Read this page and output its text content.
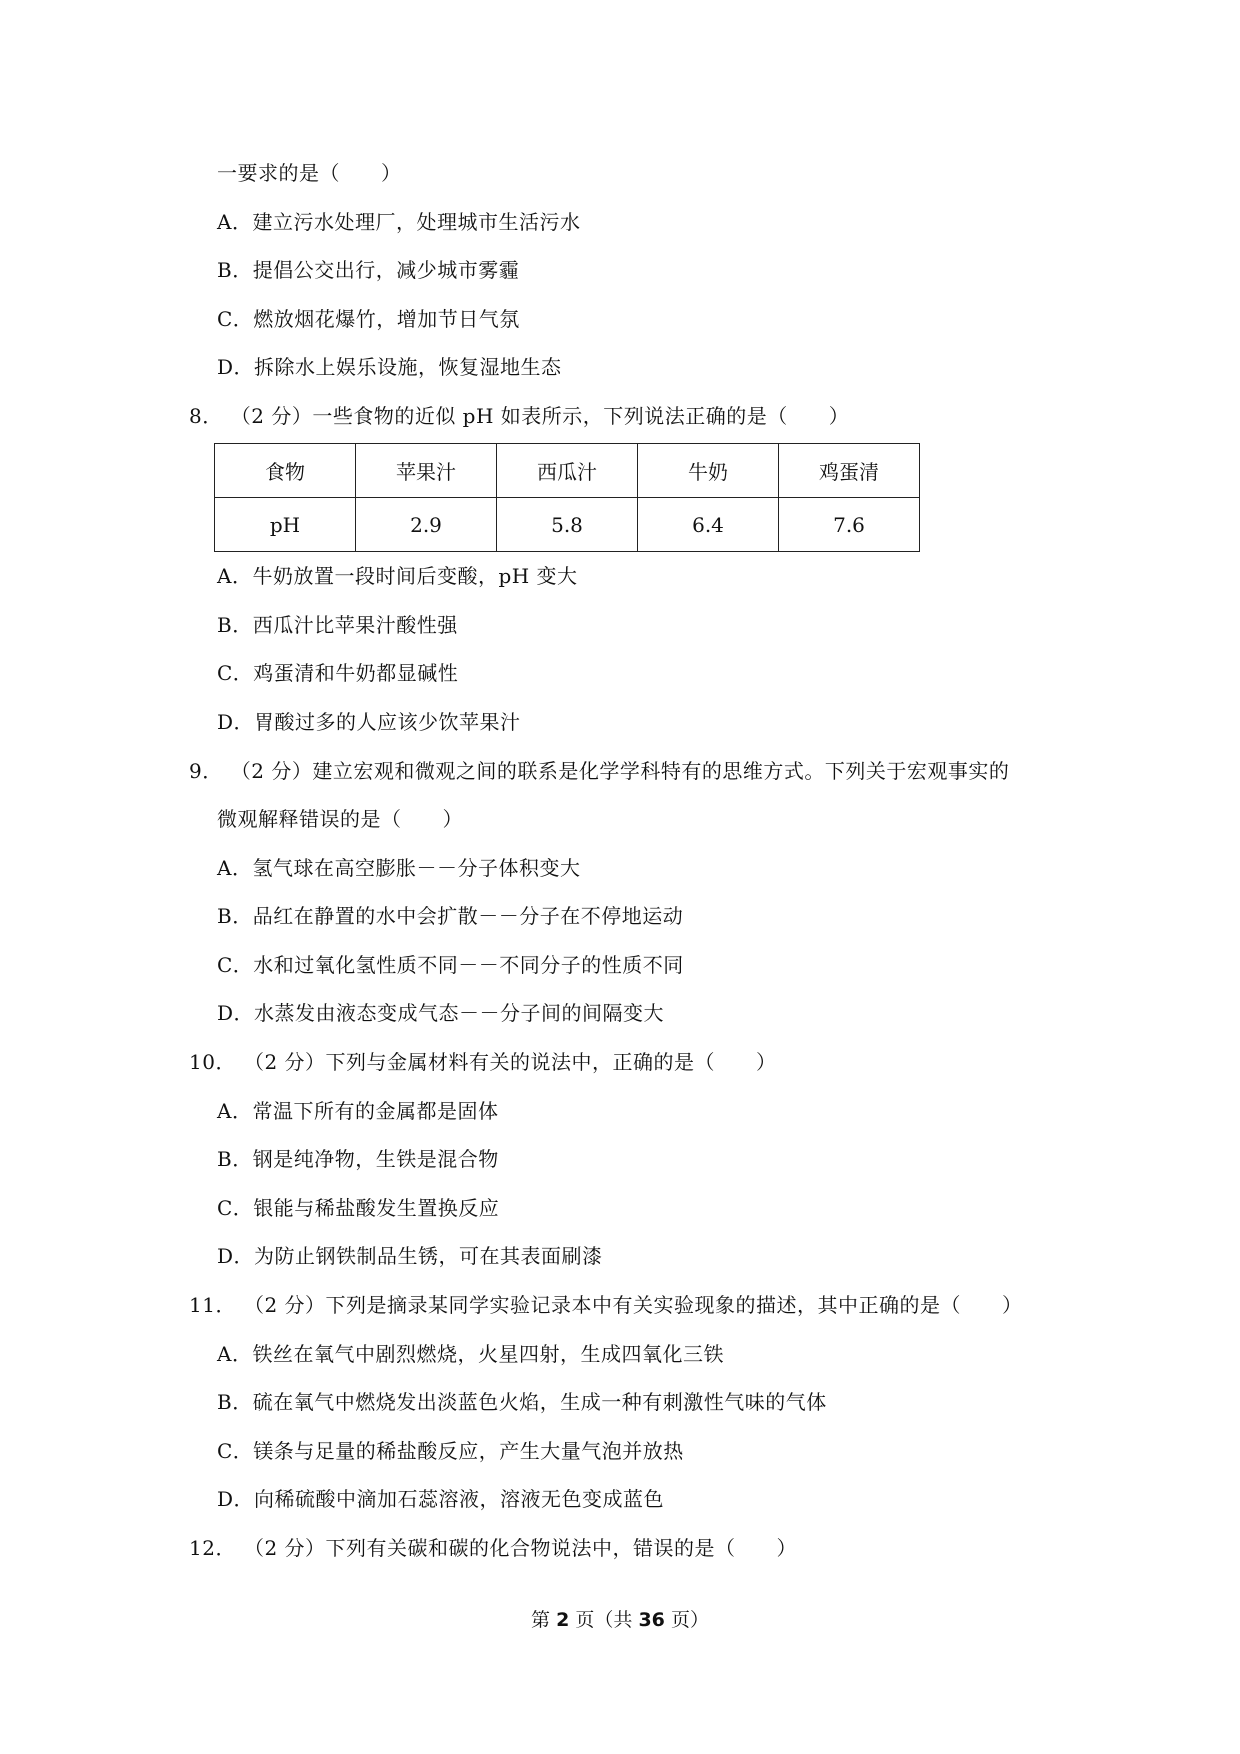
一要求的是（　　）
A．建立污水处理厂，处理城市生活污水
B．提倡公交出行，减少城市雾霾
C．燃放烟花爆竹，增加节日气氛
D．拆除水上娱乐设施，恢复湿地生态
8． （2 分）一些食物的近似 pH 如表所示，下列说法正确的是（　　）
食物	苹果汁	西瓜汁	牛奶	鸡蛋清
pH	2.9	5.8	6.4	7.6
A．牛奶放置一段时间后变酸，pH 变大
B．西瓜汁比苹果汁酸性强
C．鸡蛋清和牛奶都显碱性
D．胃酸过多的人应该少饮苹果汁
9． （2 分）建立宏观和微观之间的联系是化学学科特有的思维方式。下列关于宏观事实的
微观解释错误的是（　　）
A．氢气球在高空膨胀－－分子体积变大
B．品红在静置的水中会扩散－－分子在不停地运动
C．水和过氧化氢性质不同－－不同分子的性质不同
D．水蒸发由液态变成气态－－分子间的间隔变大
10． （2 分）下列与金属材料有关的说法中，正确的是（　　）
A．常温下所有的金属都是固体
B．钢是纯净物，生铁是混合物
C．银能与稀盐酸发生置换反应
D．为防止钢铁制品生锈，可在其表面刷漆
11． （2 分）下列是摘录某同学实验记录本中有关实验现象的描述，其中正确的是（　　）
A．铁丝在氧气中剧烈燃烧，火星四射，生成四氧化三铁
B．硫在氧气中燃烧发出淡蓝色火焰，生成一种有刺激性气味的气体
C．镁条与足量的稀盐酸反应，产生大量气泡并放热
D．向稀硫酸中滴加石蕊溶液，溶液无色变成蓝色
12． （2 分）下列有关碳和碳的化合物说法中，错误的是（　　）
第 2 页（共 36 页）
